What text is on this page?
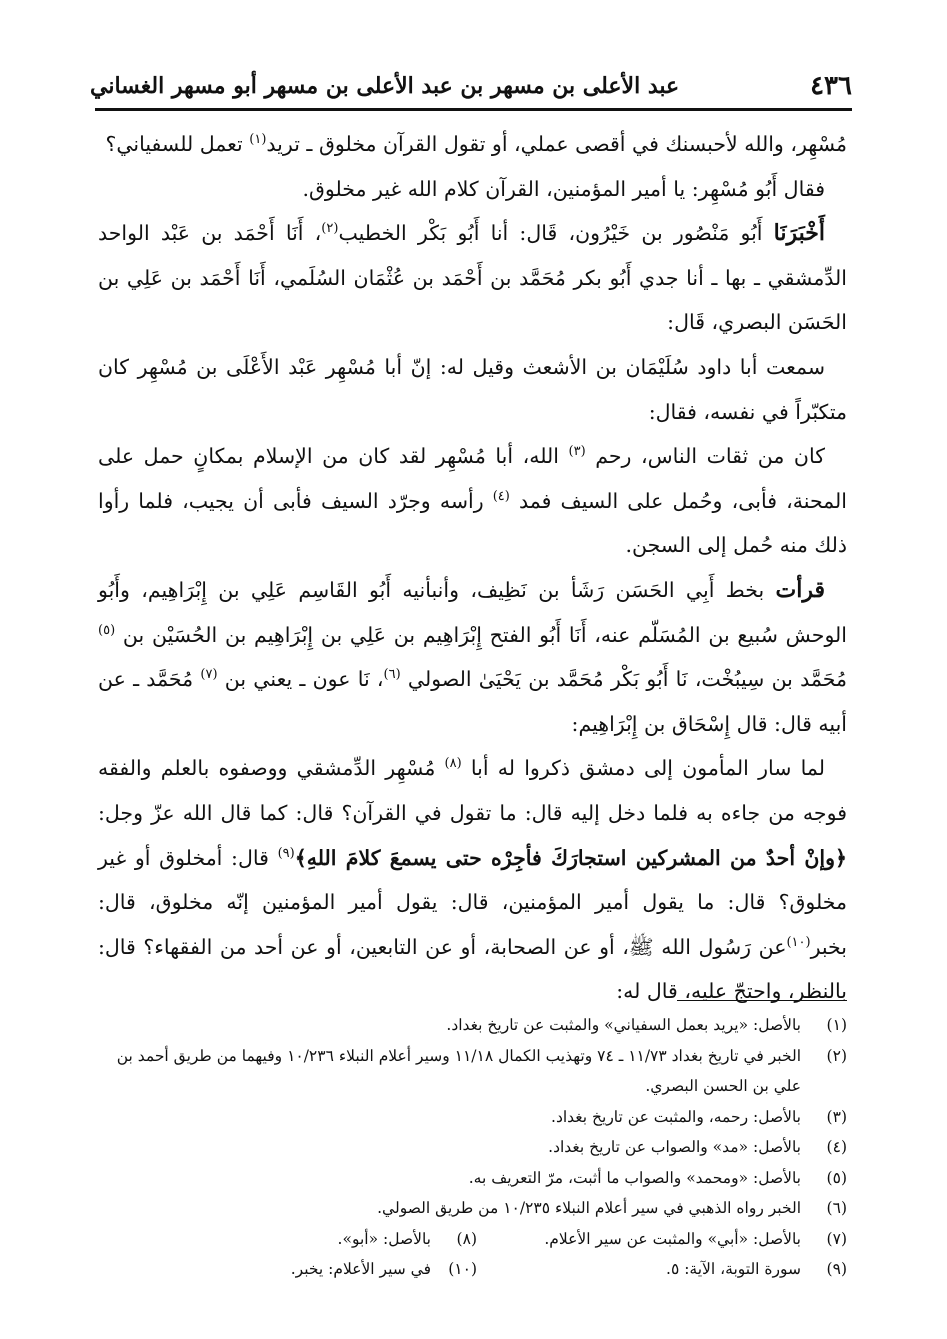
٤٣٦
عبد الأعلى بن مسهر بن عبد الأعلى بن مسهر أبو مسهر الغساني

مُسْهِر، والله لأحبسنك في أقصى عملي، أو تقول القرآن مخلوق ـ تريد$^{(١)}$ تعمل للسفياني؟

فقال أَبُو مُسْهِر: يا أمير المؤمنين، القرآن كلام الله غير مخلوق.

أَخْبَرَنَا أَبُو مَنْصُور بن خَيْرُون، قَال: أنا أَبُو بَكْر الخطيب$^{(٢)}$، أَنَا أَحْمَد بن عَبْد الواحد الدِّمشقي ـ بها ـ أنا جدي أَبُو بكر مُحَمَّد بن أَحْمَد بن عُثْمَان السُلَمي، أَنَا أَحْمَد بن عَلِي بن الحَسَن البصري، قَال:

سمعت أبا داود سُلَيْمَان بن الأشعث وقيل له: إنّ أبا مُسْهِر عَبْد الأَعْلَى بن مُسْهِر كان متكبّراً في نفسه، فقال:

كان من ثقات الناس، رحم $^{(٣)}$ الله، أبا مُسْهِر لقد كان من الإسلام بمكانٍ حمل على المحنة، فأبى، وحُمل على السيف فمد $^{(٤)}$ رأسه وجرّد السيف فأبى أن يجيب، فلما رأوا ذلك منه حُمل إلى السجن.

قرأت بخط أَبِي الحَسَن رَشَأ بن نَظِيف، وأنبأنيه أَبُو القَاسِم عَلِي بن إِبْرَاهِيم، وأَبُو الوحش سُبيع بن المُسَلّم عنه، أَنَا أَبُو الفتح إِبْرَاهِيم بن عَلِي بن إِبْرَاهِيم بن الحُسَيْن بن $^{(٥)}$ مُحَمَّد بن سِيبُخْت، نَا أَبُو بَكْر مُحَمَّد بن يَحْيَىٰ الصولي $^{(٦)}$، نَا عون ـ يعني بن $^{(٧)}$ مُحَمَّد ـ عن أبيه قال: قال إِسْحَاق بن إِبْرَاهِيم:

لما سار المأمون إلى دمشق ذكروا له أبا $^{(٨)}$ مُسْهِر الدِّمشقي ووصفوه بالعلم والفقه فوجه من جاءه به فلما دخل إليه قال: ما تقول في القرآن؟ قال: كما قال الله عزّ وجل: ﴿وإنْ أحدٌ من المشركين استجارَكَ فأجِرْه حتى يسمعَ كلامَ اللهِ﴾$^{(٩)}$ قال: أمخلوق أو غير مخلوق؟ قال: ما يقول أمير المؤمنين، قال: يقول أمير المؤمنين إنّه مخلوق، قال: بخبر$^{(١٠)}$عن رَسُول الله ﷺ، أو عن الصحابة، أو عن التابعين، أو عن أحد من الفقهاء؟ قال: بالنظر، واحتجّ عليه، قال له:

(١)
بالأصل: «يريد بعمل السفياني» والمثبت عن تاريخ بغداد.
(٢)
الخبر في تاريخ بغداد ١١/٧٣ ـ ٧٤ وتهذيب الكمال ١١/١٨ وسير أعلام النبلاء ١٠/٢٣٦ وفيهما من طريق أحمد بن علي بن الحسن البصري.
(٣)
بالأصل: رحمه، والمثبت عن تاريخ بغداد.
(٤)
بالأصل: «مد» والصواب عن تاريخ بغداد.
(٥)
بالأصل: «ومحمد» والصواب ما أثبت، مرّ التعريف به.
(٦)
الخبر رواه الذهبي في سير أعلام النبلاء ١٠/٢٣٥ من طريق الصولي.
(٧)
بالأصل: «أبي» والمثبت عن سير الأعلام.
(٨)
بالأصل: «أبو».
(٩)
سورة التوبة، الآية: ٥.
(١٠)
في سير الأعلام: يخبر.
